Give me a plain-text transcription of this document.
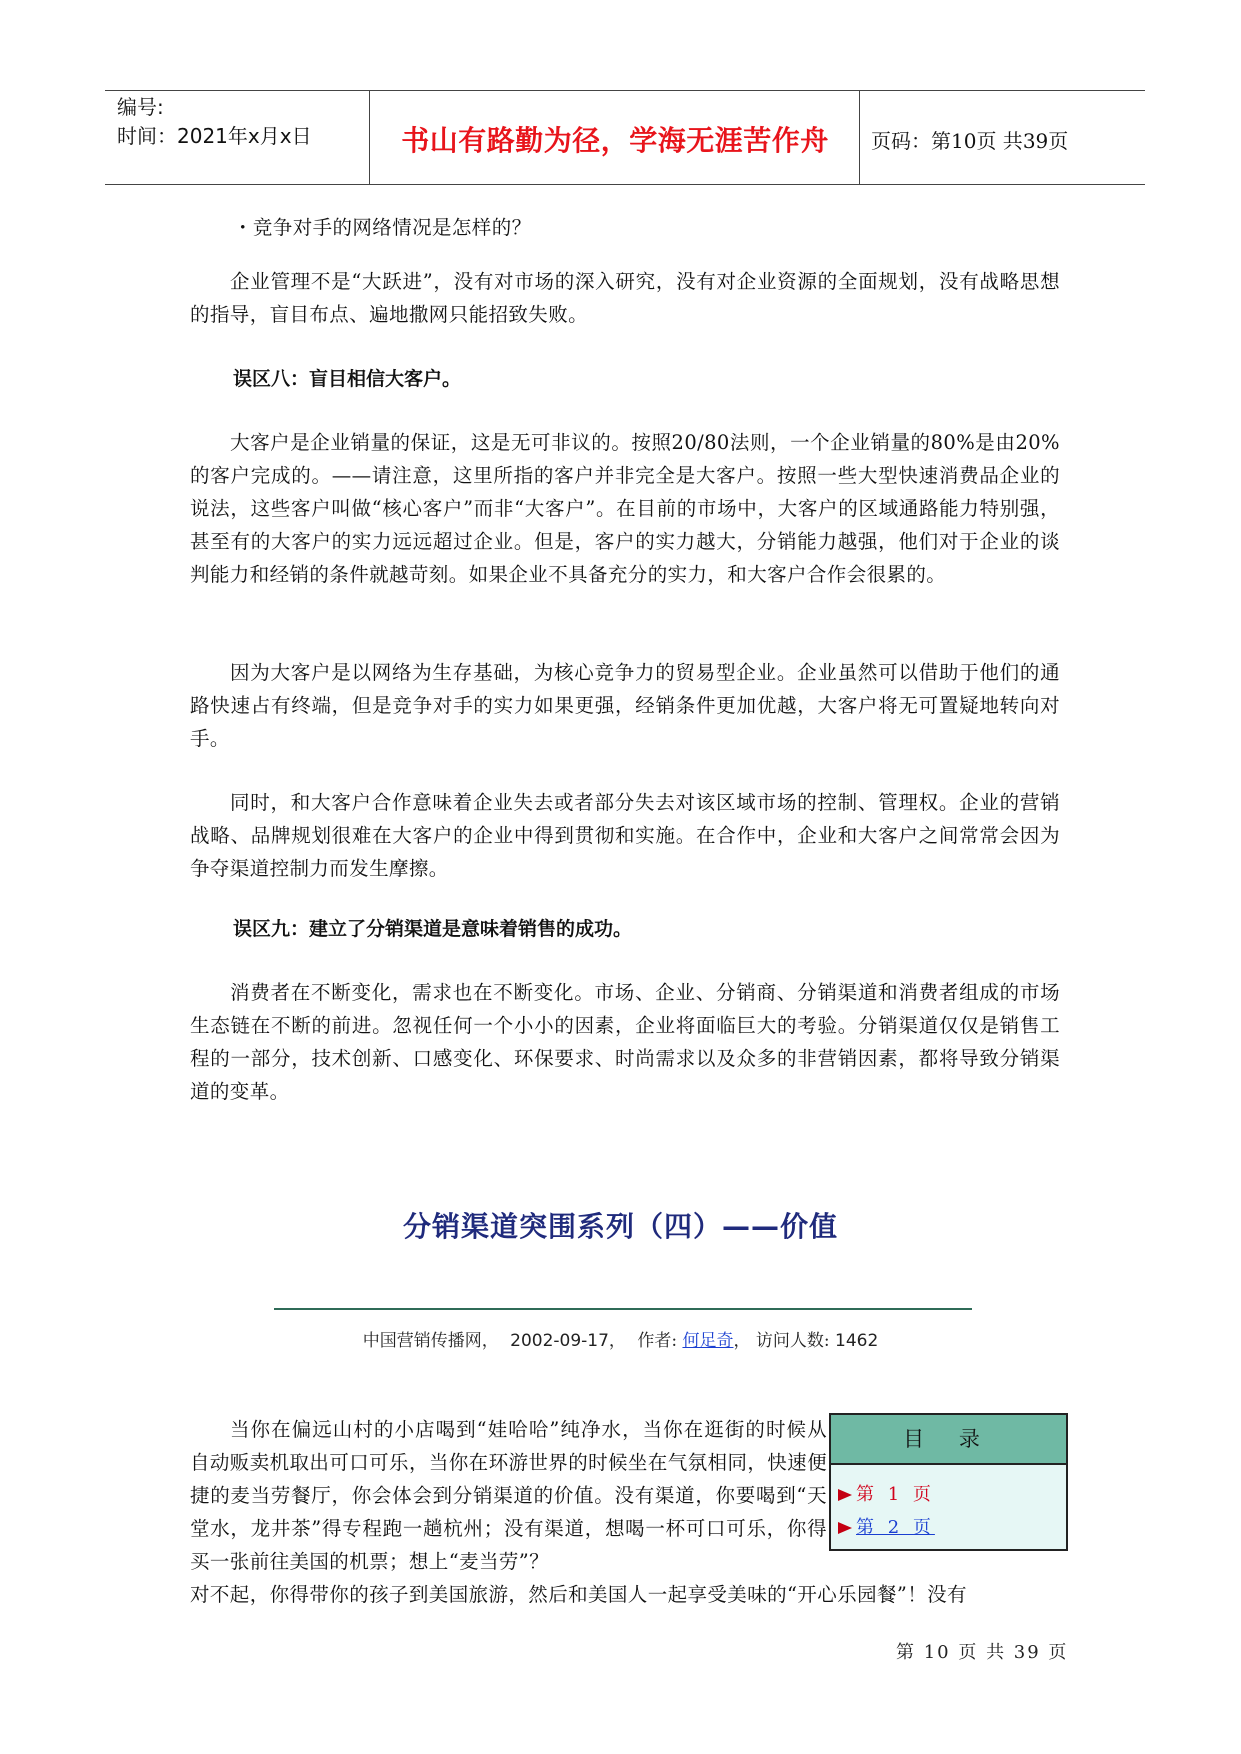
编号:
时间：2021年x月x日	书山有路勤为径，学海无涯苦作舟	页码：第10页 共39页
・竞争对手的网络情况是怎样的？

企业管理不是“大跃进”，没有对市场的深入研究，没有对企业资源的全面规划，没有战略思想的指导，盲目布点、遍地撒网只能招致失败。

误区八：盲目相信大客户。

大客户是企业销量的保证，这是无可非议的。按照20/80法则，一个企业销量的80%是由20%的客户完成的。——请注意，这里所指的客户并非完全是大客户。按照一些大型快速消费品企业的说法，这些客户叫做“核心客户”而非“大客户”。在目前的市场中，大客户的区域通路能力特别强，甚至有的大客户的实力远远超过企业。但是，客户的实力越大，分销能力越强，他们对于企业的谈判能力和经销的条件就越苛刻。如果企业不具备充分的实力，和大客户合作会很累的。

因为大客户是以网络为生存基础，为核心竞争力的贸易型企业。企业虽然可以借助于他们的通路快速占有终端，但是竞争对手的实力如果更强，经销条件更加优越，大客户将无可置疑地转向对手。

同时，和大客户合作意味着企业失去或者部分失去对该区域市场的控制、管理权。企业的营销战略、品牌规划很难在大客户的企业中得到贯彻和实施。在合作中，企业和大客户之间常常会因为争夺渠道控制力而发生摩擦。

误区九：建立了分销渠道是意味着销售的成功。

消费者在不断变化，需求也在不断变化。市场、企业、分销商、分销渠道和消费者组成的市场生态链在不断的前进。忽视任何一个小小的因素，企业将面临巨大的考验。分销渠道仅仅是销售工程的一部分，技术创新、口感变化、环保要求、时尚需求以及众多的非营销因素，都将导致分销渠道的变革。

分销渠道突围系列（四）——价值
中国营销传播网， 2002-09-17， 作者: 何足奇， 访问人数: 1462

当你在偏远山村的小店喝到“娃哈哈”纯净水，当你在逛街的时候从自动贩卖机取出可口可乐，当你在环游世界的时候坐在气氛相同，快速便捷的麦当劳餐厅，你会体会到分销渠道的价值。没有渠道，你要喝到“天堂水，龙井茶”得专程跑一趟杭州；没有渠道，想喝一杯可口可乐，你得买一张前往美国的机票；想上“麦当劳”？

对不起，你得带你的孩子到美国旅游，然后和美国人一起享受美味的“开心乐园餐”！没有
目 录
第 1 页
第 2 页
第 10 页 共 39 页
